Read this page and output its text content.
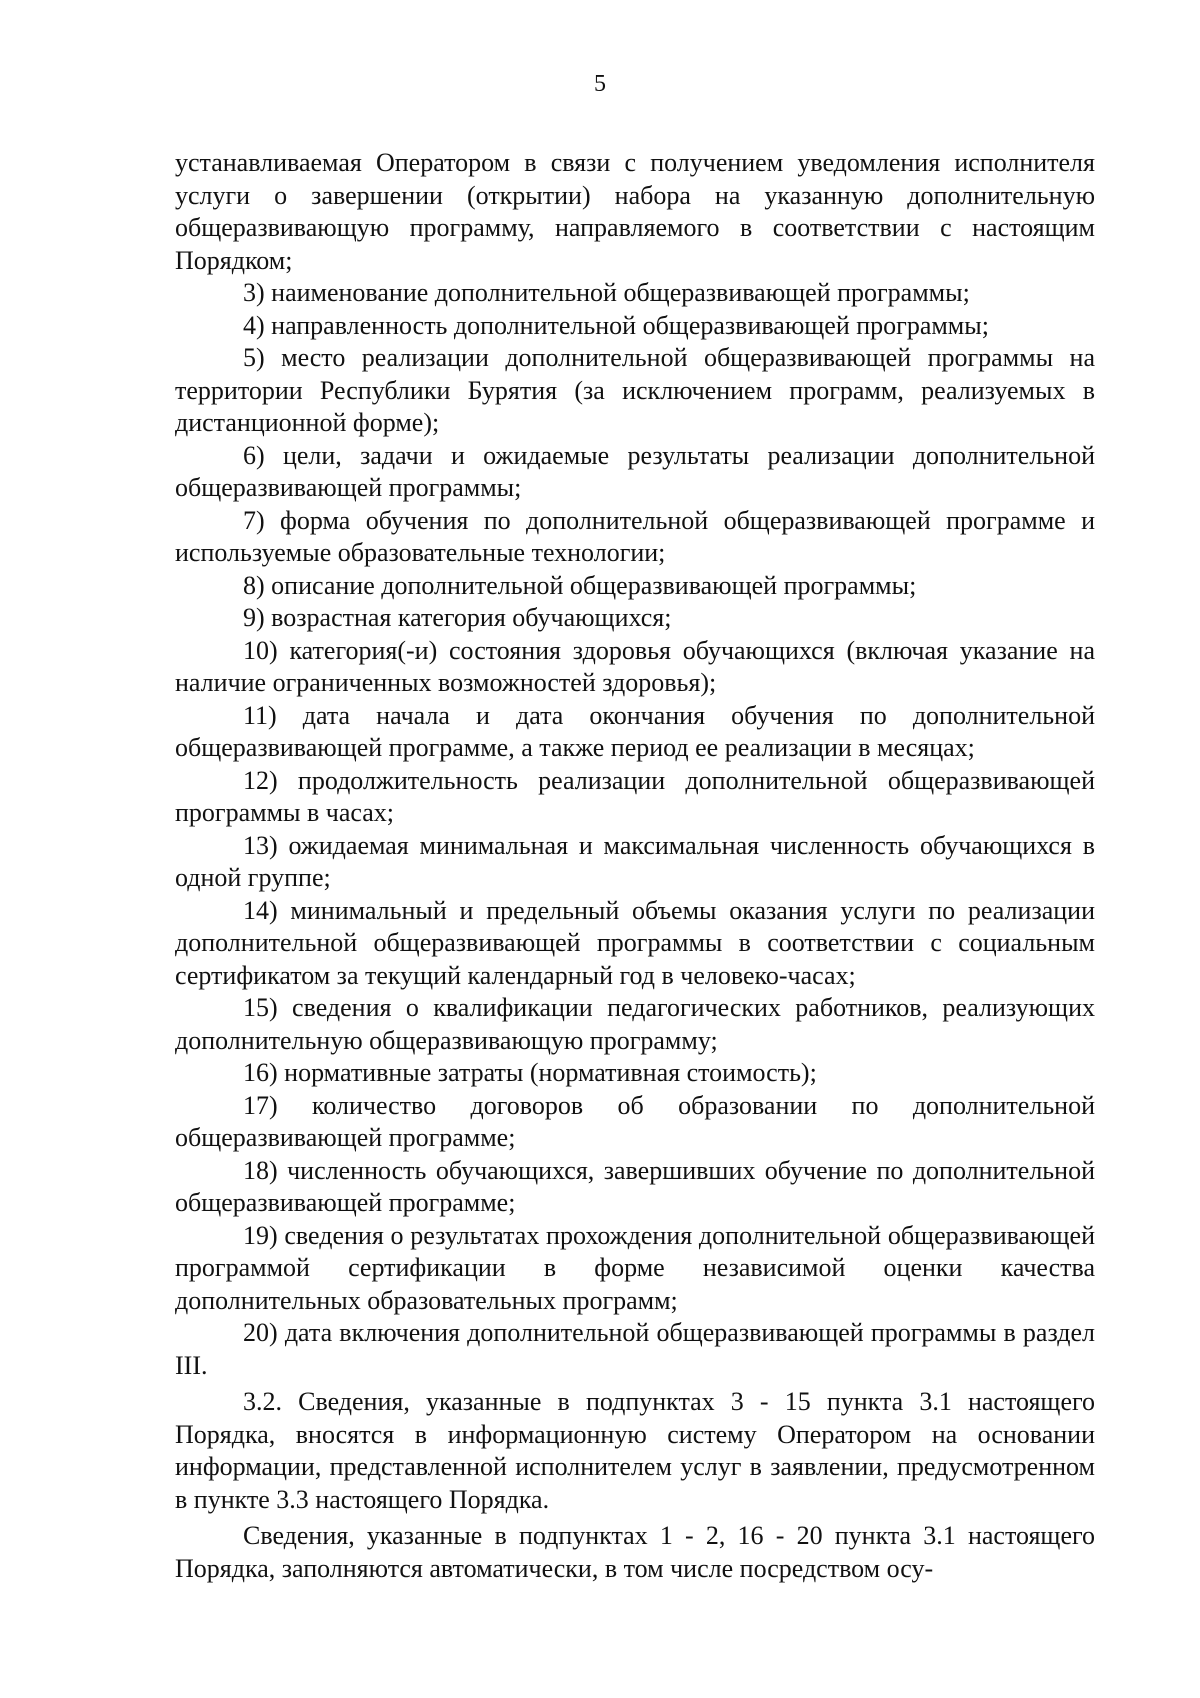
5

устанавливаемая Оператором в связи с получением уведомления исполнителя услуги о завершении (открытии) набора на указанную дополнительную общеразвивающую программу, направляемого в соответствии с настоящим Порядком;

3) наименование дополнительной общеразвивающей программы;

4) направленность дополнительной общеразвивающей программы;

5) место реализации дополнительной общеразвивающей программы на территории Республики Бурятия (за исключением программ, реализуемых в дистанционной форме);

6) цели, задачи и ожидаемые результаты реализации дополнительной общеразвивающей программы;

7) форма обучения по дополнительной общеразвивающей программе и используемые образовательные технологии;

8) описание дополнительной общеразвивающей программы;

9) возрастная категория обучающихся;

10) категория(-и) состояния здоровья обучающихся (включая указание на наличие ограниченных возможностей здоровья);

11) дата начала и дата окончания обучения по дополнительной общеразвивающей программе, а также период ее реализации в месяцах;

12) продолжительность реализации дополнительной общеразвивающей программы в часах;

13) ожидаемая минимальная и максимальная численность обучающихся в одной группе;

14) минимальный и предельный объемы оказания услуги по реализации дополнительной общеразвивающей программы в соответствии с социальным сертификатом за текущий календарный год в человеко-часах;

15) сведения о квалификации педагогических работников, реализующих дополнительную общеразвивающую программу;

16) нормативные затраты (нормативная стоимость);

17) количество договоров об образовании по дополнительной общеразвивающей программе;

18) численность обучающихся, завершивших обучение по дополнительной общеразвивающей программе;

19) сведения о результатах прохождения дополнительной общеразвивающей программой сертификации в форме независимой оценки качества дополнительных образовательных программ;

20) дата включения дополнительной общеразвивающей программы в раздел III.

3.2. Сведения, указанные в подпунктах 3 - 15 пункта 3.1 настоящего Порядка, вносятся в информационную систему Оператором на основании информации, представленной исполнителем услуг в заявлении, предусмотренном в пункте 3.3 настоящего Порядка.

Сведения, указанные в подпунктах 1 - 2, 16 - 20 пункта 3.1 настоящего Порядка, заполняются автоматически, в том числе посредством осу-
